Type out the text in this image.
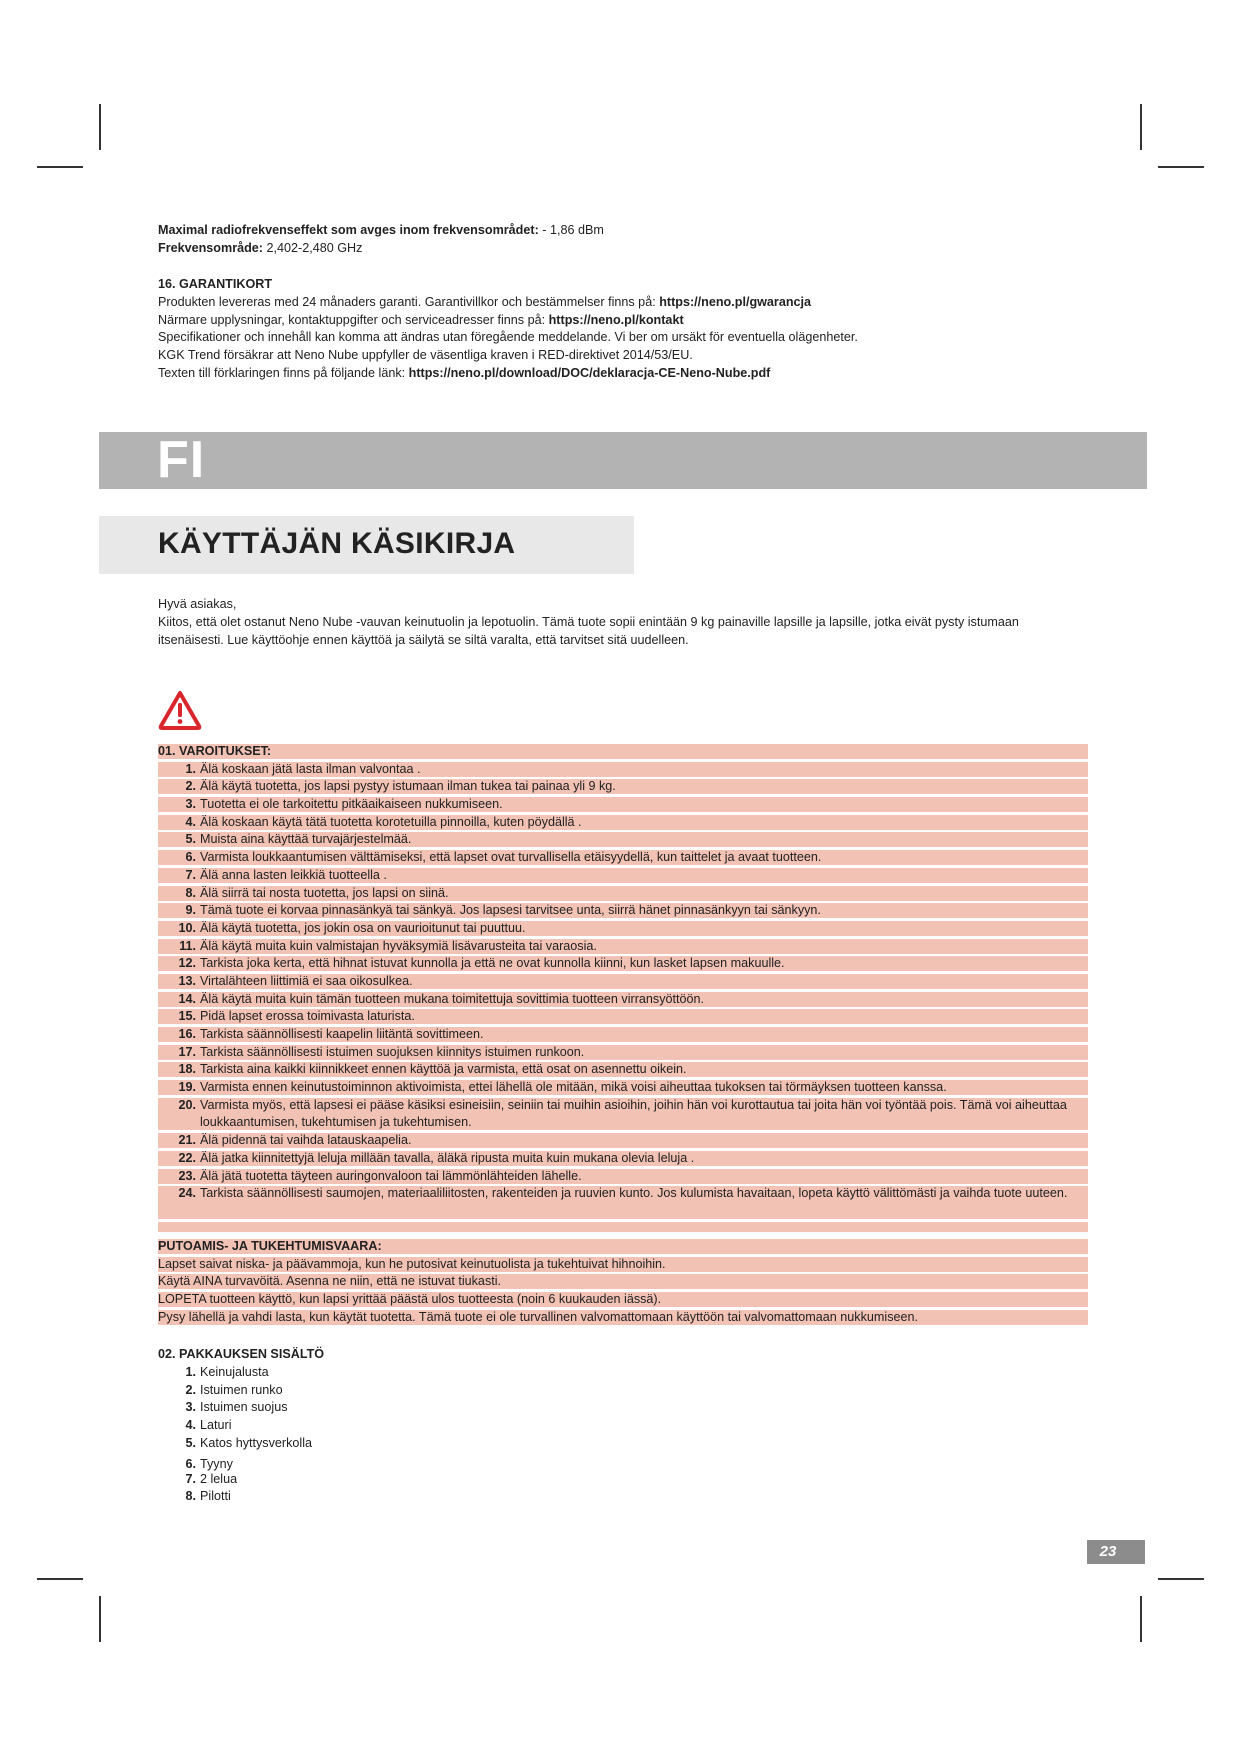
Maximal radiofrekvenseffekt som avges inom frekvensområdet: - 1,86 dBm
Frekvensområde: 2,402-2,480 GHz
16. GARANTIKORT
Produkten levereras med 24 månaders garanti. Garantivillkor och bestämmelser finns på: https://neno.pl/gwarancja
Närmare upplysningar, kontaktuppgifter och serviceadresser finns på: https://neno.pl/kontakt
Specifikationer och innehåll kan komma att ändras utan föregående meddelande. Vi ber om ursäkt för eventuella olägenheter.
KGK Trend försäkrar att Neno Nube uppfyller de väsentliga kraven i RED-direktivet 2014/53/EU.
Texten till förklaringen finns på följande länk: https://neno.pl/download/DOC/deklaracja-CE-Neno-Nube.pdf
FI
KÄYTTÄJÄN KÄSIKIRJA
Hyvä asiakas,
Kiitos, että olet ostanut Neno Nube -vauvan keinutuolin ja lepotuolin. Tämä tuote sopii enintään 9 kg painaville lapsille ja lapsille, jotka eivät pysty istumaan itsenäisesti. Lue käyttöohje ennen käyttöä ja säilytä se siltä varalta, että tarvitset sitä uudelleen.
01. VAROITUKSET:
1. Älä koskaan jätä lasta ilman valvontaa .
2. Älä käytä tuotetta, jos lapsi pystyy istumaan ilman tukea tai painaa yli 9 kg.
3. Tuotetta ei ole tarkoitettu pitkäaikaiseen nukkumiseen.
4. Älä koskaan käytä tätä tuotetta korotetuilla pinnoilla, kuten pöydällä .
5. Muista aina käyttää turvajärjestelmää.
6.Varmista loukkaantumisen välttämiseksi, että lapset ovat turvallisella etäisyydellä, kun taittelet ja avaat tuotteen.
7. Älä anna lasten leikkiä tuotteella .
8. Älä siirrä tai nosta tuotetta, jos lapsi on siinä.
9.Tämä tuote ei korvaa pinnasänkyä tai sänkyä. Jos lapsesi tarvitsee unta, siirrä hänet pinnasänkyyn tai sänkyyn.
10. Älä käytä tuotetta, jos jokin osa on vaurioitunut tai puuttuu.
11. Älä käytä muita kuin valmistajan hyväksymiä lisävarusteita tai varaosia.
12. Tarkista joka kerta, että hihnat istuvat kunnolla ja että ne ovat kunnolla kiinni, kun lasket lapsen makuulle.
13. Virtalähteen liittimiä ei saa oikosulkea.
14. Älä käytä muita kuin tämän tuotteen mukana toimitettuja sovittimia tuotteen virransyöttöön.
15. Pidä lapset erossa toimivasta laturista.
16. Tarkista säännöllisesti kaapelin liitäntä sovittimeen.
17. Tarkista säännöllisesti istuimen suojuksen kiinnitys istuimen runkoon.
18. Tarkista aina kaikki kiinnikkeet ennen käyttöä ja varmista, että osat on asennettu oikein.
19. Varmista ennen keinutustoiminnon aktivoimista, ettei lähellä ole mitään, mikä voisi aiheuttaa tukoksen tai törmäyksen tuotteen kanssa.
20. Varmista myös, että lapsesi ei pääse käsiksi esineisiin, seiniin tai muihin asioihin, joihin hän voi kurottautua tai joita hän voi työntää pois. Tämä voi aiheuttaa loukkaantumisen, tukehtumisen ja tukehtumisen.
21. Älä pidennä tai vaihda latauskaapelia.
22. Älä jatka kiinnitettyjä leluja millään tavalla, äläkä ripusta muita kuin mukana olevia leluja .
23. Älä jätä tuotetta täyteen auringonvaloon tai lämmönlähteiden lähelle.
24. Tarkista säännöllisesti saumojen, materiaaliliitosten, rakenteiden ja ruuvien kunto. Jos kulumista havaitaan, lopeta käyttö välittömästi ja vaihda tuote uuteen.
PUTOAMIS- JA TUKEHTUMISVAARA:
Lapset saivat niska- ja päävammoja, kun he putosivat keinutuolista ja tukehtuivat hihnoihin.
Käytä AINA turvavöitä. Asenna ne niin, että ne istuvat tiukasti.
LOPETA tuotteen käyttö, kun lapsi yrittää päästä ulos tuotteesta (noin 6 kuukauden iässä).
Pysy lähellä ja vahdi lasta, kun käytät tuotetta. Tämä tuote ei ole turvallinen valvomattomaan käyttöön tai valvomattomaan nukkumiseen.
02. PAKKAUKSEN SISÄLTÖ
1. Keinujalusta
2. Istuimen runko
3. Istuimen suojus
4. Laturi
5. Katos hyttysverkolla
6. Tyyny
7. 2 lelua
8. Pilotti
23
